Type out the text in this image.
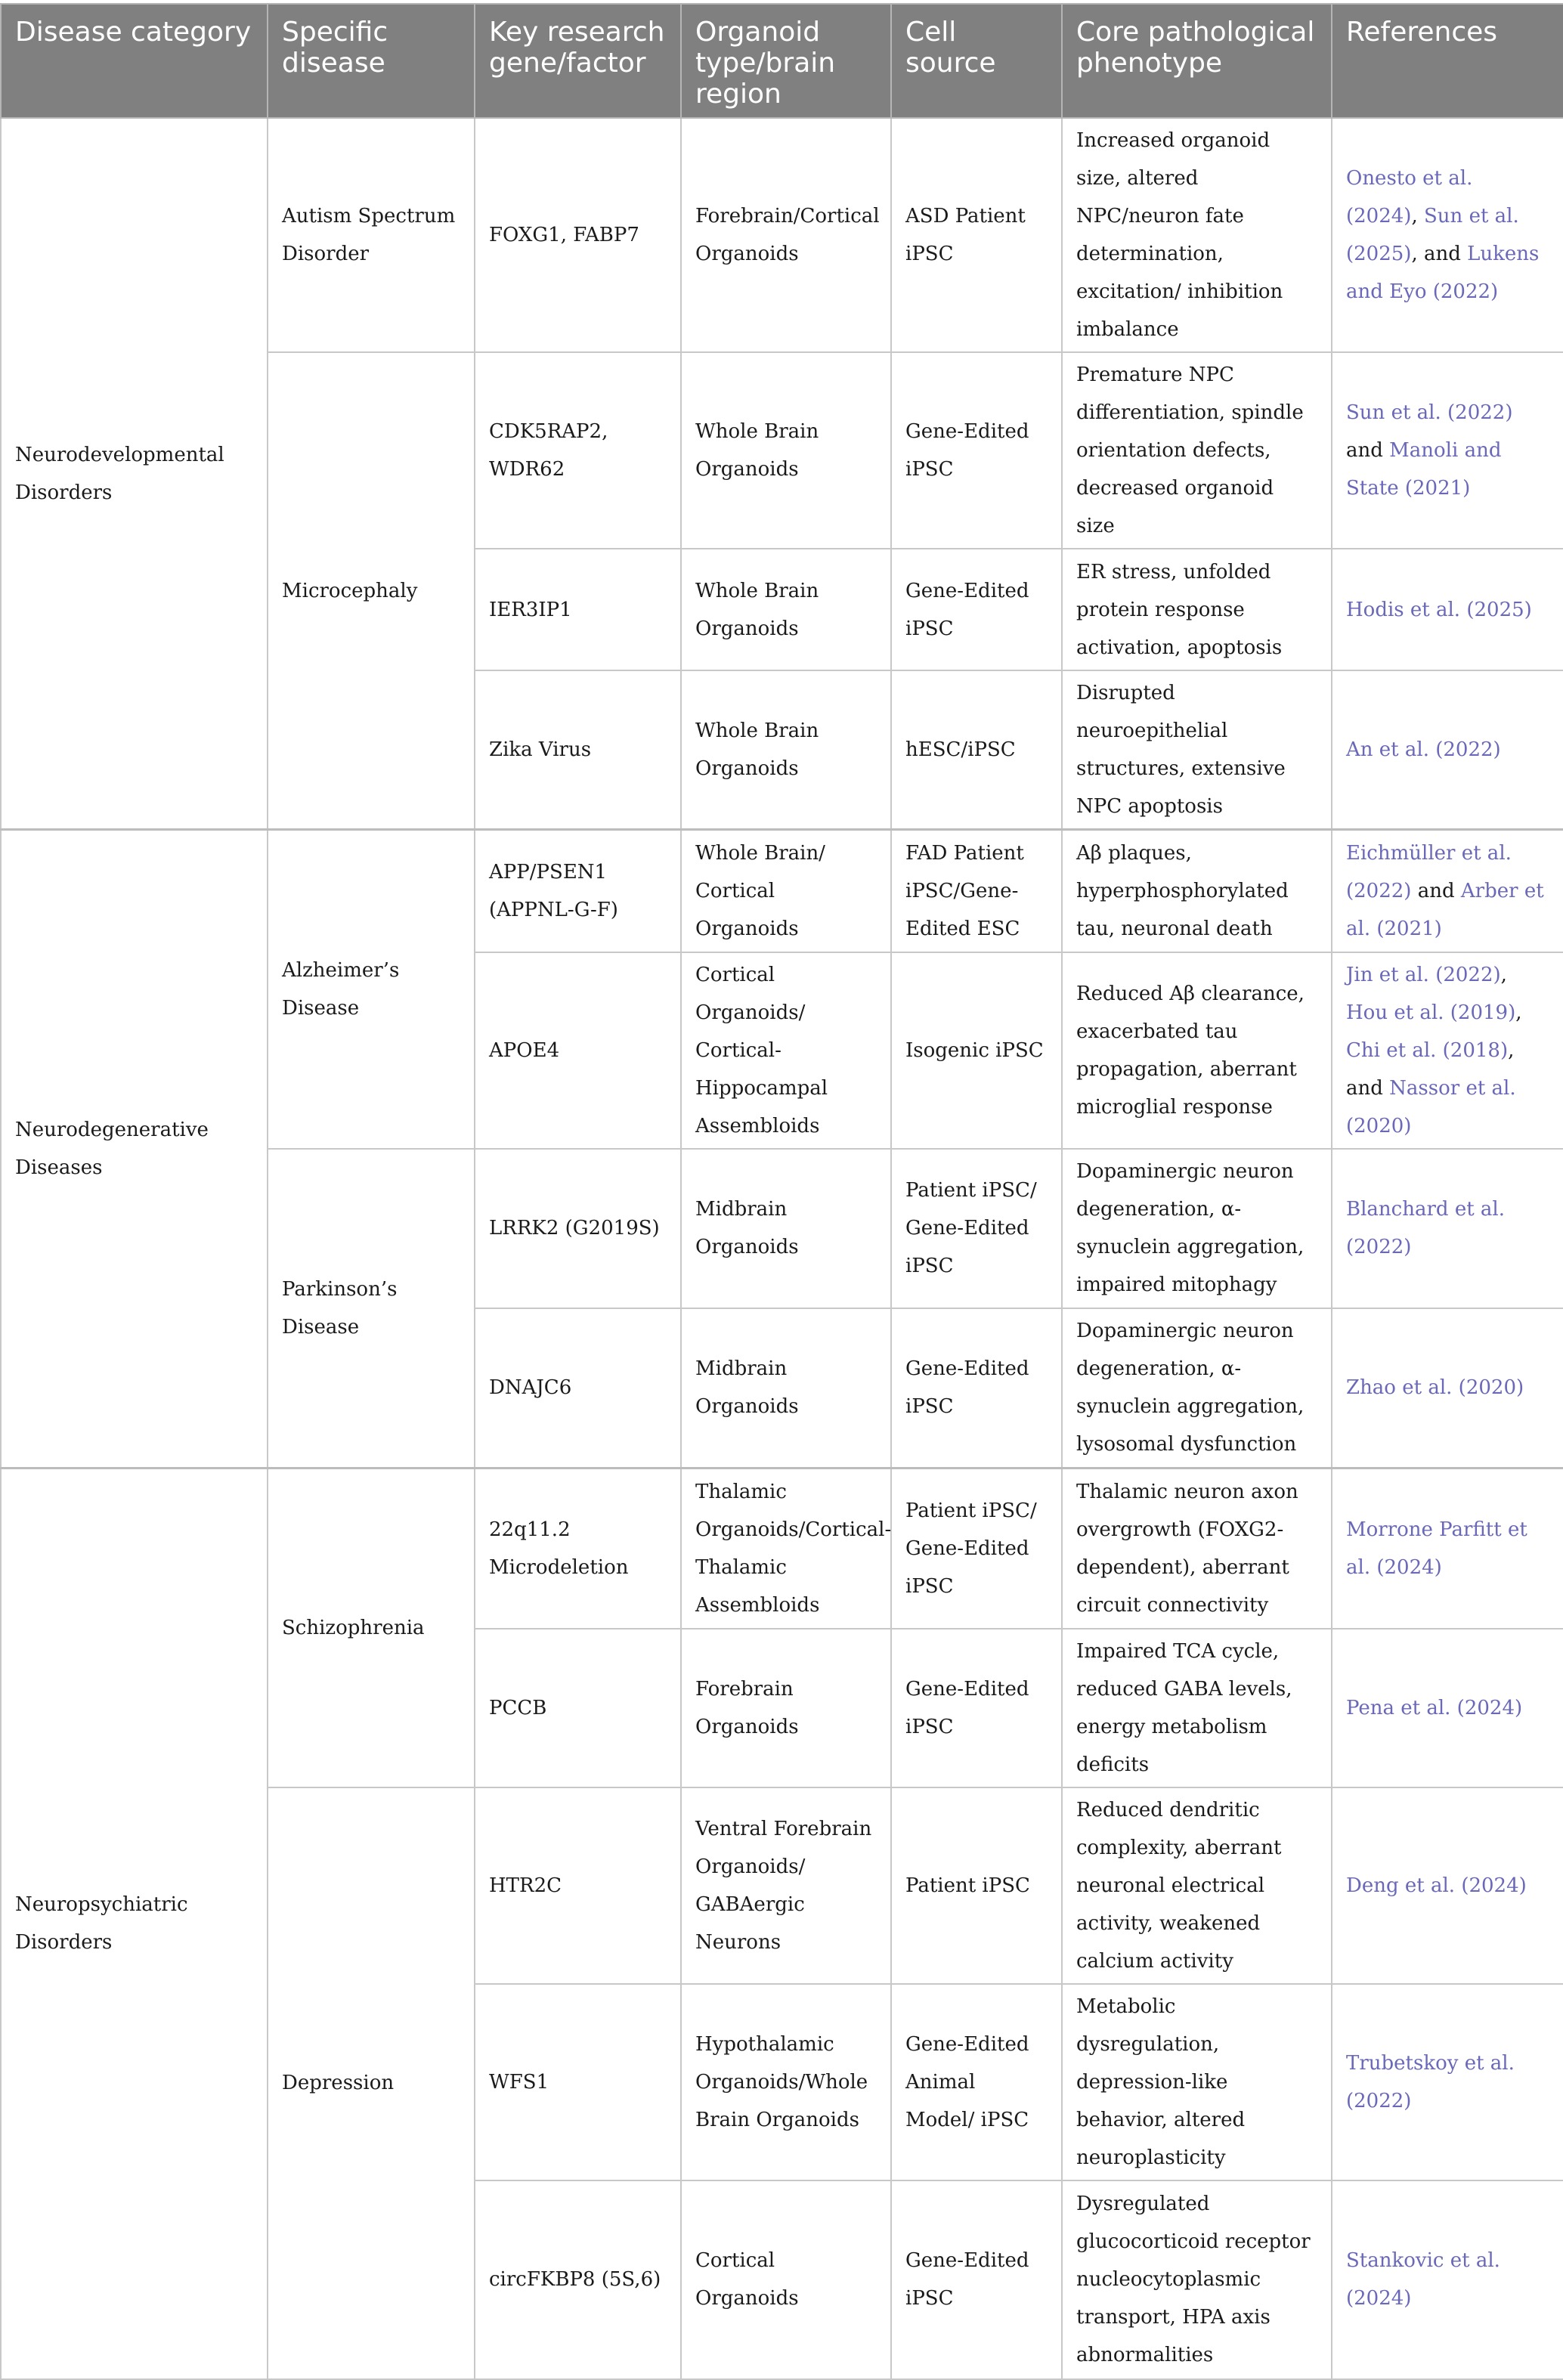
Disease category	Specific disease	Key research gene/factor	Organoid type/brain region	Cell source	Core pathological phenotype	References
Neurodevelopmental Disorders	Autism Spectrum Disorder	FOXG1, FABP7	Forebrain/Cortical Organoids	ASD Patient iPSC	Increased organoid size, altered NPC/neuron fate determination, excitation/ inhibition imbalance	Onesto et al. (2024), Sun et al. (2025), and Lukens and Eyo (2022)
	Microcephaly	CDK5RAP2, WDR62	Whole Brain Organoids	Gene-Edited iPSC	Premature NPC differentiation, spindle orientation defects, decreased organoid size	Sun et al. (2022) and Manoli and State (2021)
		IER3IP1	Whole Brain Organoids	Gene-Edited iPSC	ER stress, unfolded protein response activation, apoptosis	Hodis et al. (2025)
		Zika Virus	Whole Brain Organoids	hESC/iPSC	Disrupted neuroepithelial structures, extensive NPC apoptosis	An et al. (2022)
Neurodegenerative Diseases	Alzheimer’s Disease	APP/PSEN1 (APPNL-G-F)	Whole Brain/ Cortical Organoids	FAD Patient iPSC/Gene-Edited ESC	Aβ plaques, hyperphosphorylated tau, neuronal death	Eichmüller et al. (2022) and Arber et al. (2021)
		APOE4	Cortical Organoids/ Cortical-Hippocampal Assembloids	Isogenic iPSC	Reduced Aβ clearance, exacerbated tau propagation, aberrant microglial response	Jin et al. (2022), Hou et al. (2019), Chi et al. (2018), and Nassor et al. (2020)
	Parkinson’s Disease	LRRK2 (G2019S)	Midbrain Organoids	Patient iPSC/ Gene-Edited iPSC	Dopaminergic neuron degeneration, α-synuclein aggregation, impaired mitophagy	Blanchard et al. (2022)
		DNAJC6	Midbrain Organoids	Gene-Edited iPSC	Dopaminergic neuron degeneration, α-synuclein aggregation, lysosomal dysfunction	Zhao et al. (2020)
Neuropsychiatric Disorders	Schizophrenia	22q11.2 Microdeletion	Thalamic Organoids/Cortical-Thalamic Assembloids	Patient iPSC/ Gene-Edited iPSC	Thalamic neuron axon overgrowth (FOXG2-dependent), aberrant circuit connectivity	Morrone Parfitt et al. (2024)
		PCCB	Forebrain Organoids	Gene-Edited iPSC	Impaired TCA cycle, reduced GABA levels, energy metabolism deficits	Pena et al. (2024)
	Depression	HTR2C	Ventral Forebrain Organoids/ GABAergic Neurons	Patient iPSC	Reduced dendritic complexity, aberrant neuronal electrical activity, weakened calcium activity	Deng et al. (2024)
		WFS1	Hypothalamic Organoids/Whole Brain Organoids	Gene-Edited Animal Model/ iPSC	Metabolic dysregulation, depression-like behavior, altered neuroplasticity	Trubetskoy et al. (2022)
		circFKBP8 (5S,6)	Cortical Organoids	Gene-Edited iPSC	Dysregulated glucocorticoid receptor nucleocytoplasmic transport, HPA axis abnormalities	Stankovic et al. (2024)
